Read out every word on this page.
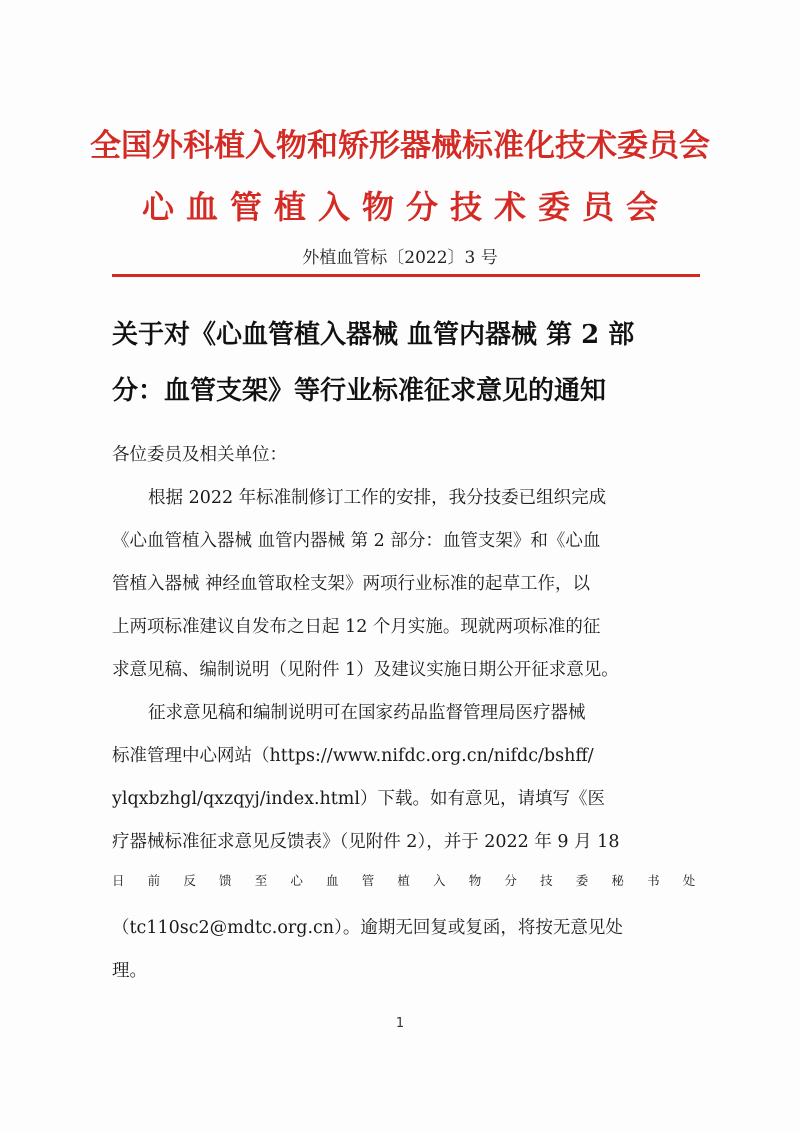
全国外科植入物和矫形器械标准化技术委员会
心血管植入物分技术委员会
外植血管标〔2022〕3 号
关于对《心血管植入器械 血管内器械 第 2 部
分：血管支架》等行业标准征求意见的通知
各位委员及相关单位：
根据 2022 年标准制修订工作的安排，我分技委已组织完成
《心血管植入器械 血管内器械 第 2 部分：血管支架》和《心血
管植入器械 神经血管取栓支架》两项行业标准的起草工作，以
上两项标准建议自发布之日起 12 个月实施。现就两项标准的征
求意见稿、编制说明（见附件 1）及建议实施日期公开征求意见。
征求意见稿和编制说明可在国家药品监督管理局医疗器械
标准管理中心网站（https://www.nifdc.org.cn/nifdc/bshff/
ylqxbzhgl/qxzqyj/index.html）下载。如有意见，请填写《医
疗器械标准征求意见反馈表》（见附件 2），并于 2022 年 9 月 18
日 前 反 馈 至 心 血 管 植 入 物 分 技 委 秘 书 处
（tc110sc2@mdtc.org.cn）。逾期无回复或复函，将按无意见处
理。
1
